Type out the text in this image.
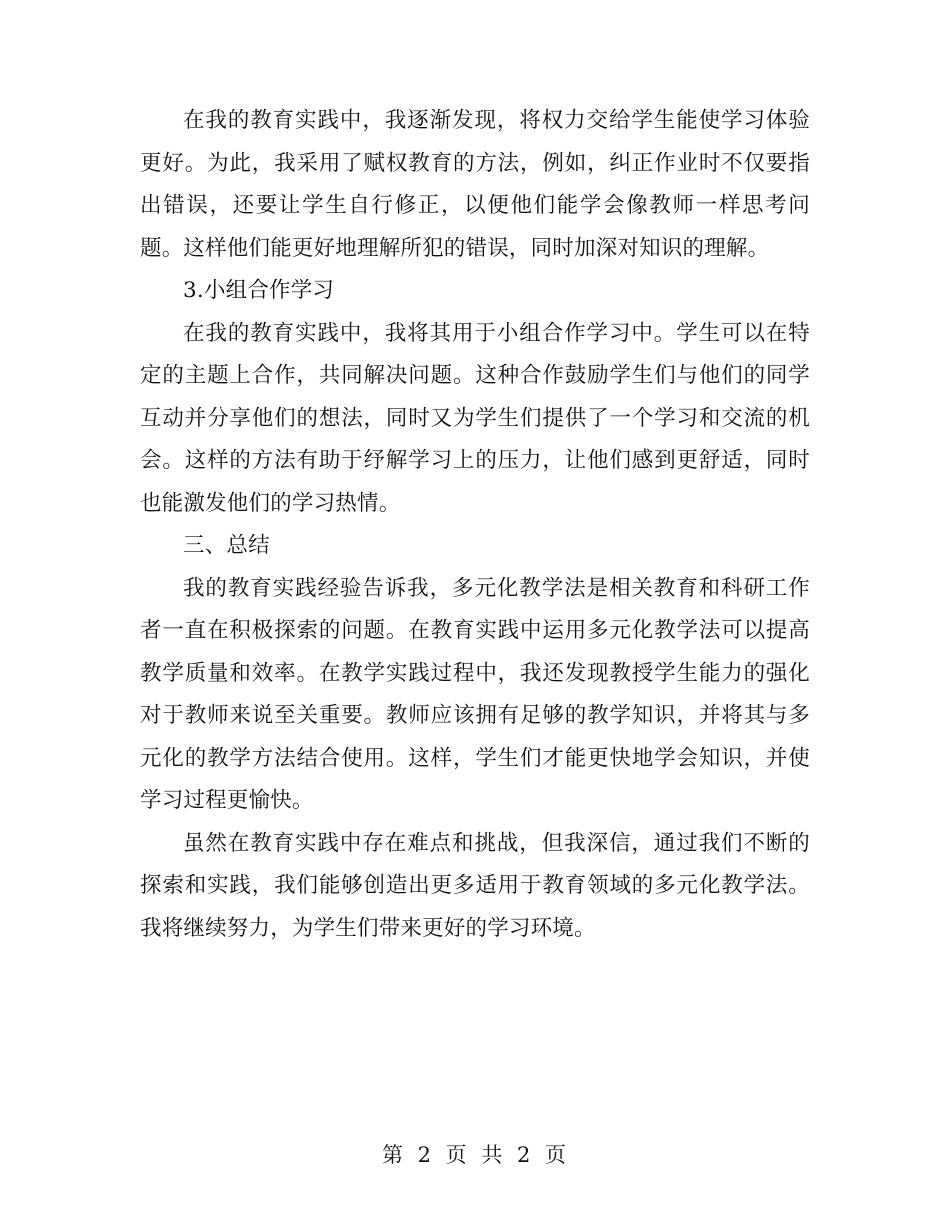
在我的教育实践中，我逐渐发现，将权力交给学生能使学习体验更好。为此，我采用了赋权教育的方法，例如，纠正作业时不仅要指出错误，还要让学生自行修正，以便他们能学会像教师一样思考问题。这样他们能更好地理解所犯的错误，同时加深对知识的理解。

3.小组合作学习

在我的教育实践中，我将其用于小组合作学习中。学生可以在特定的主题上合作，共同解决问题。这种合作鼓励学生们与他们的同学互动并分享他们的想法，同时又为学生们提供了一个学习和交流的机会。这样的方法有助于纾解学习上的压力，让他们感到更舒适，同时也能激发他们的学习热情。

三、总结

我的教育实践经验告诉我，多元化教学法是相关教育和科研工作者一直在积极探索的问题。在教育实践中运用多元化教学法可以提高教学质量和效率。在教学实践过程中，我还发现教授学生能力的强化对于教师来说至关重要。教师应该拥有足够的教学知识，并将其与多元化的教学方法结合使用。这样，学生们才能更快地学会知识，并使学习过程更愉快。

虽然在教育实践中存在难点和挑战，但我深信，通过我们不断的探索和实践，我们能够创造出更多适用于教育领域的多元化教学法。我将继续努力，为学生们带来更好的学习环境。

第 2 页 共 2 页
